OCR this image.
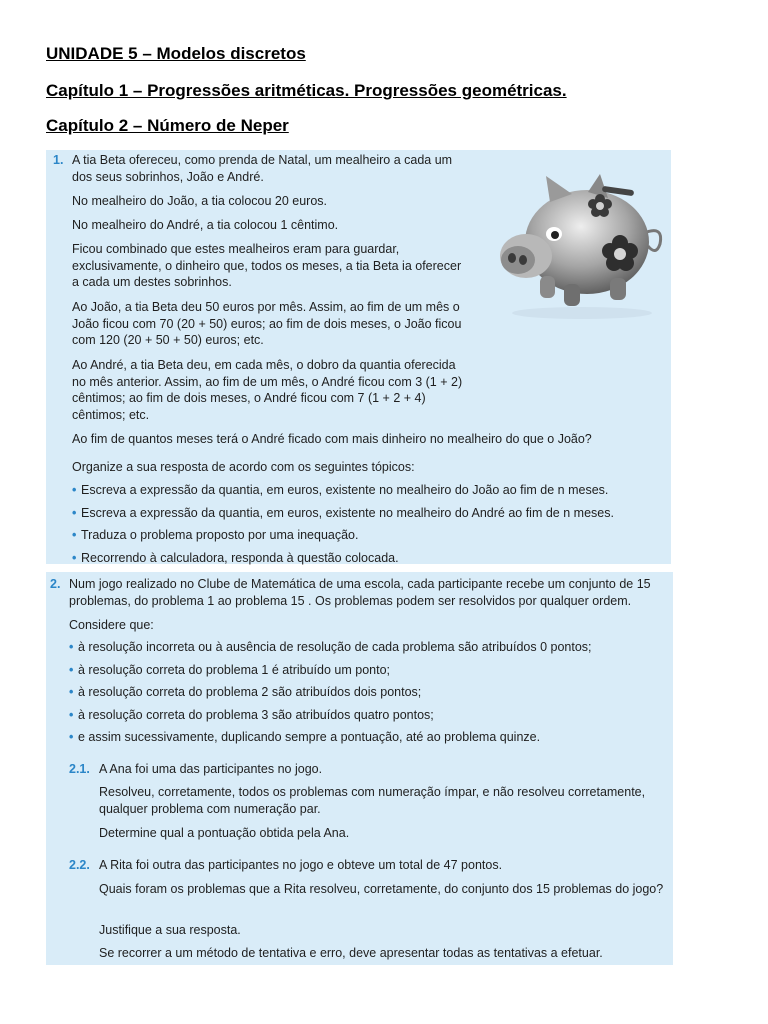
UNIDADE 5 – Modelos discretos
Capítulo 1 – Progressões aritméticas. Progressões geométricas.
Capítulo 2 – Número de Neper
1. A tia Beta ofereceu, como prenda de Natal, um mealheiro a cada um dos seus sobrinhos, João e André.

No mealheiro do João, a tia colocou 20 euros.

No mealheiro do André, a tia colocou 1 cêntimo.

Ficou combinado que estes mealheiros eram para guardar, exclusivamente, o dinheiro que, todos os meses, a tia Beta ia oferecer a cada um destes sobrinhos.

Ao João, a tia Beta deu 50 euros por mês. Assim, ao fim de um mês o João ficou com 70 (20 + 50) euros; ao fim de dois meses, o João ficou com 120 (20 + 50 + 50) euros; etc.

Ao André, a tia Beta deu, em cada mês, o dobro da quantia oferecida no mês anterior. Assim, ao fim de um mês, o André ficou com 3 (1 + 2) cêntimos; ao fim de dois meses, o André ficou com 7 (1 + 2 + 4) cêntimos; etc.

Ao fim de quantos meses terá o André ficado com mais dinheiro no mealheiro do que o João?

Organize a sua resposta de acordo com os seguintes tópicos:

• Escreva a expressão da quantia, em euros, existente no mealheiro do João ao fim de n meses.
• Escreva a expressão da quantia, em euros, existente no mealheiro do André ao fim de n meses.
• Traduza o problema proposto por uma inequação.
• Recorrendo à calculadora, responda à questão colocada.
2. Num jogo realizado no Clube de Matemática de uma escola, cada participante recebe um conjunto de 15 problemas, do problema 1 ao problema 15 . Os problemas podem ser resolvidos por qualquer ordem.

Considere que:

• à resolução incorreta ou à ausência de resolução de cada problema são atribuídos 0 pontos;
• à resolução correta do problema 1 é atribuído um ponto;
• à resolução correta do problema 2 são atribuídos dois pontos;
• à resolução correta do problema 3 são atribuídos quatro pontos;
• e assim sucessivamente, duplicando sempre a pontuação, até ao problema quinze.
2.1. A Ana foi uma das participantes no jogo.

Resolveu, corretamente, todos os problemas com numeração ímpar, e não resolveu corretamente, qualquer problema com numeração par.

Determine qual a pontuação obtida pela Ana.

2.2. A Rita foi outra das participantes no jogo e obteve um total de 47 pontos.

Quais foram os problemas que a Rita resolveu, corretamente, do conjunto dos 15 problemas do jogo?

Justifique a sua resposta.

Se recorrer a um método de tentativa e erro, deve apresentar todas as tentativas a efetuar.
